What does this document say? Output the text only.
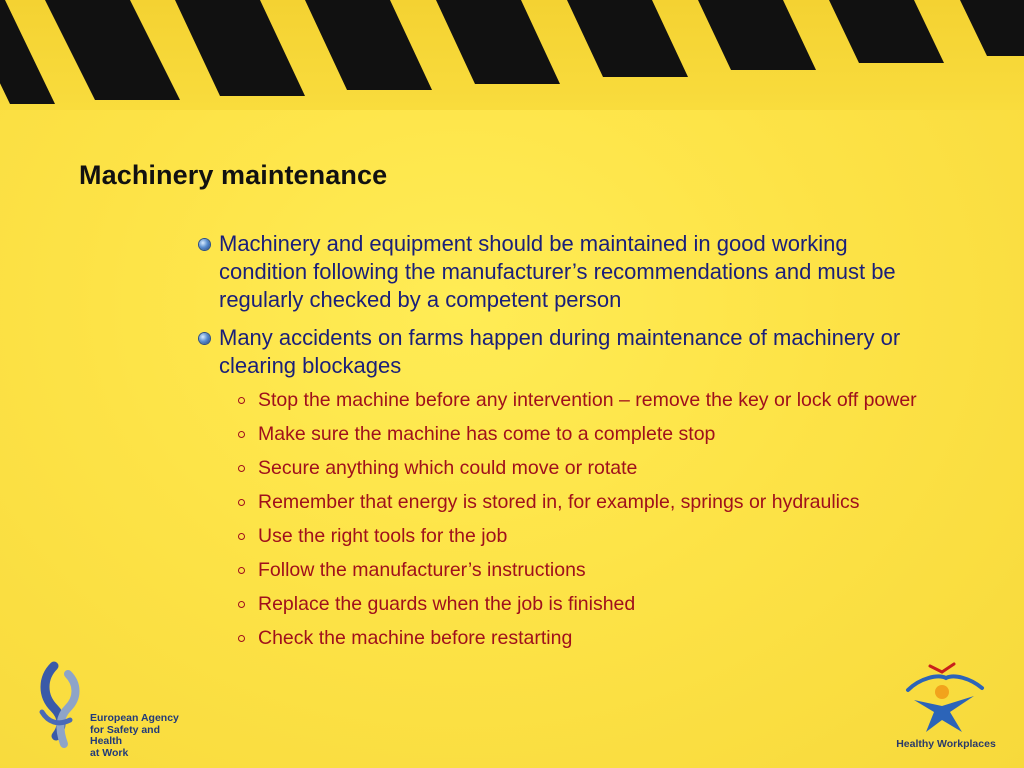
Machinery maintenance
Machinery and equipment should be maintained in good working condition following the manufacturer’s recommendations and must be regularly checked by a competent person
Many accidents on farms happen during maintenance of machinery or clearing blockages
Stop the machine before any intervention – remove the key or lock off power
Make sure the machine has come to a complete stop
Secure anything which could move or rotate
Remember that energy is stored in, for example, springs or hydraulics
Use the right tools for the job
Follow the manufacturer’s instructions
Replace the guards when the job is finished
Check the machine before restarting
European Agency
for Safety and Health
at Work
Healthy Workplaces
